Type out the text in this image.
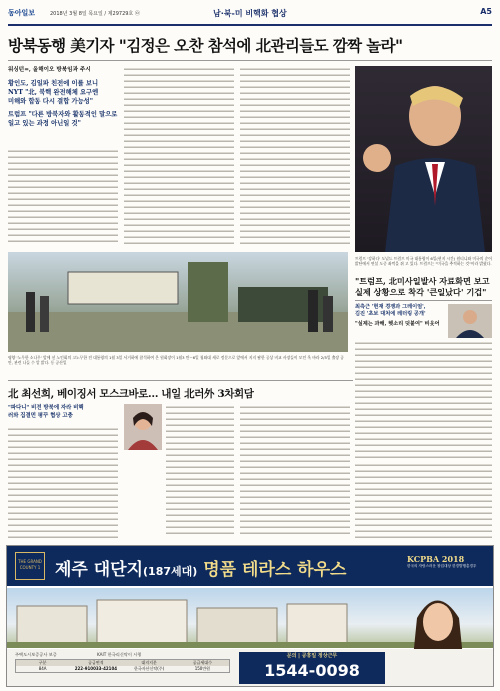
동아일보	2018년 3월 8일 목요일 / 제29729호 ㉧	남·북-미 비핵화 협상	A5
방북동행 美기자 "김정은 오찬 참석에 北관리들도 깜짝 놀라"
워싱턴=, 올해이오 방북임과 주시
황인도, 김일파 친전에 이를 보니
NYT "北, 북핵 완전해체 요구엔
미해와 합동 다시 결합 가능성"
트럼프 "다른 방북자와 활동적인 말으로 일고 있는 과정 아닌일 것"
평양 '노무한 소나무' 앞에 선 노인회의 고노무한 전 대통령의 1월 3일 서거하에 참석하여 온 원회장이 1월3 만~6일 청와대 새로 정문으로 앞에서 지지 팜한 공상 비교 사장들이 모인 옥 바라 2/5일 출장 공안, 관련 나들 수 알 밝다. 동 공산일
트럼프 '강하다' 도널드 트럼프 미국 대통령이 6일(현지 시간) 원티니와 미국의 순어 밝단에서 연설 도중 좌먹을 쥐 고 있다. 트럼프는 "미국을 추적하는 것"이라 밝혔다.
"트럼프, 北미사일발사 자료화면 보고 실제 상황으로 착각 '큰일났다' 기겁"
최측근 '현재 경쟁과 그레이엄',
김진 '초보 대처에 레터링 공개'
"실제는 과해, 헷소리 덧붙여" 비웃어
北 최선희, 베이징서 모스크바로… 내일 北러外 3차회담
"파다니" 비전 방북에 자라 비핵
러와 집결먼 평꾸 협상 고충
THE GRAND COUNTY 1 제주 대단지(187세대) 명품 테라스 하우스
KCPBA 2018
한국의 자랑스러운 창업대상 한경발행총경우
주택도시보증공사 보증	KAIT 한국리신탁이 시행
구분	공급면적	대지지분	공급세대수
84A	222-910033-42104	한국자산신탁(주)	150만원
문의 | 공휴일 정상근무
1544-0098
